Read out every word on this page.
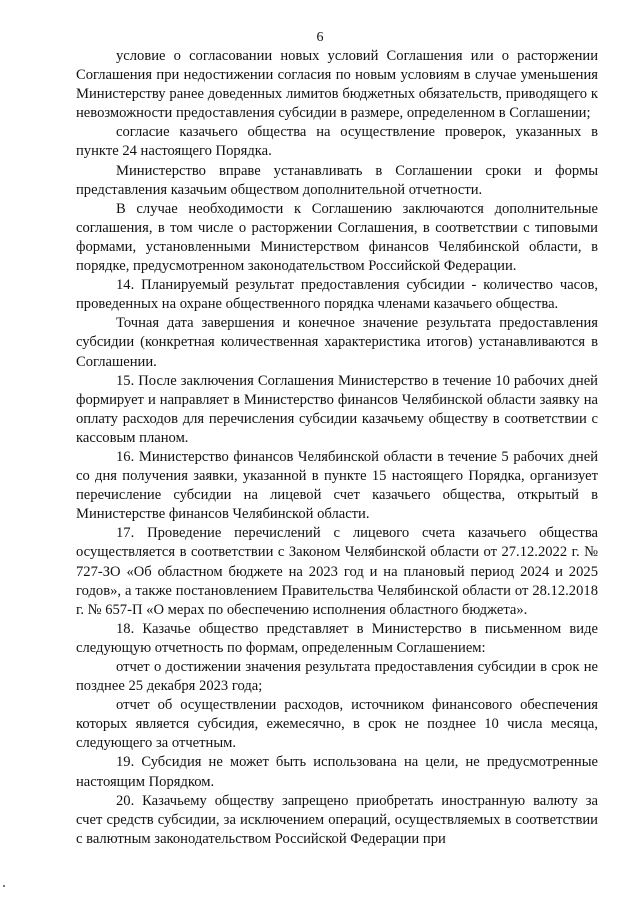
6

условие о согласовании новых условий Соглашения или о расторжении Соглашения при недостижении согласия по новым условиям в случае уменьшения Министерству ранее доведенных лимитов бюджетных обязательств, приводящего к невозможности предоставления субсидии в размере, определенном в Соглашении;

согласие казачьего общества на осуществление проверок, указанных в пункте 24 настоящего Порядка.

Министерство вправе устанавливать в Соглашении сроки и формы представления казачьим обществом дополнительной отчетности.

В случае необходимости к Соглашению заключаются дополнительные соглашения, в том числе о расторжении Соглашения, в соответствии с типовыми формами, установленными Министерством финансов Челябинской области, в порядке, предусмотренном законодательством Российской Федерации.

14. Планируемый результат предоставления субсидии - количество часов, проведенных на охране общественного порядка членами казачьего общества.

Точная дата завершения и конечное значение результата предоставления субсидии (конкретная количественная характеристика итогов) устанавливаются в Соглашении.

15. После заключения Соглашения Министерство в течение 10 рабочих дней формирует и направляет в Министерство финансов Челябинской области заявку на оплату расходов для перечисления субсидии казачьему обществу в соответствии с кассовым планом.

16. Министерство финансов Челябинской области в течение 5 рабочих дней со дня получения заявки, указанной в пункте 15 настоящего Порядка, организует перечисление субсидии на лицевой счет казачьего общества, открытый в Министерстве финансов Челябинской области.

17. Проведение перечислений с лицевого счета казачьего общества осуществляется в соответствии с Законом Челябинской области от 27.12.2022 г. № 727-ЗО «Об областном бюджете на 2023 год и на плановый период 2024 и 2025 годов», а также постановлением Правительства Челябинской области от 28.12.2018 г. № 657-П «О мерах по обеспечению исполнения областного бюджета».

18. Казачье общество представляет в Министерство в письменном виде следующую отчетность по формам, определенным Соглашением:

отчет о достижении значения результата предоставления субсидии в срок не позднее 25 декабря 2023 года;

отчет об осуществлении расходов, источником финансового обеспечения которых является субсидия, ежемесячно, в срок не позднее 10 числа месяца, следующего за отчетным.

19. Субсидия не может быть использована на цели, не предусмотренные настоящим Порядком.

20. Казачьему обществу запрещено приобретать иностранную валюту за счет средств субсидии, за исключением операций, осуществляемых в соответствии с валютным законодательством Российской Федерации при
